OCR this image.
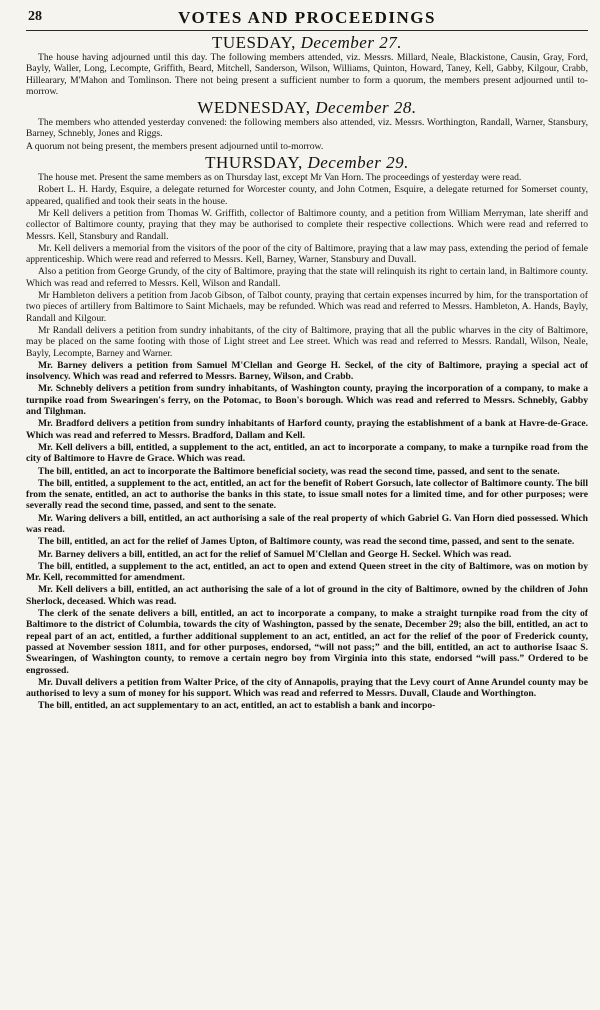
28	VOTES AND PROCEEDINGS
TUESDAY, December 27.

The house having adjourned until this day. The following members attended, viz. Messrs. Millard, Neale, Blackistone, Causin, Gray, Ford, Bayly, Waller, Long, Lecompte, Griffith, Beard, Mitchell, Sanderson, Wilson, Williams, Quinton, Howard, Taney, Kell, Gabby, Kilgour, Crabb, Hillearary, M'Mahon and Tomlinson. There not being present a sufficient number to form a quorum, the members present adjourned until to-morrow.

WEDNESDAY, December 28.

The members who attended yesterday convened: the following members also attended, viz. Messrs. Worthington, Randall, Warner, Stansbury, Barney, Schnebly, Jones and Riggs.

A quorum not being present, the members present adjourned until to-morrow.

THURSDAY, December 29.

The house met. Present the same members as on Thursday last, except Mr Van Horn. The proceedings of yesterday were read.

Robert L. H. Hardy, Esquire, a delegate returned for Worcester county, and John Cotmen, Esquire, a delegate returned for Somerset county, appeared, qualified and took their seats in the house.

Mr Kell delivers a petition from Thomas W. Griffith, collector of Baltimore county, and a petition from William Merryman, late sheriff and collector of Baltimore county, praying that they may be authorised to complete their respective collections. Which were read and referred to Messrs. Kell, Stansbury and Randall.

Mr. Kell delivers a memorial from the visitors of the poor of the city of Baltimore, praying that a law may pass, extending the period of female apprenticeship. Which were read and referred to Messrs. Kell, Barney, Warner, Stansbury and Duvall.

Also a petition from George Grundy, of the city of Baltimore, praying that the state will relinquish its right to certain land, in Baltimore county. Which was read and referred to Messrs. Kell, Wilson and Randall.

Mr Hambleton delivers a petition from Jacob Gibson, of Talbot county, praying that certain expenses incurred by him, for the transportation of two pieces of artillery from Baltimore to Saint Michaels, may be refunded. Which was read and referred to Messrs. Hambleton, A. Hands, Bayly, Randall and Kilgour.

Mr Randall delivers a petition from sundry inhabitants, of the city of Baltimore, praying that all the public wharves in the city of Baltimore, may be placed on the same footing with those of Light street and Lee street. Which was read and referred to Messrs. Randall, Wilson, Neale, Bayly, Lecompte, Barney and Warner.

Mr. Barney delivers a petition from Samuel M'Clellan and George H. Seckel, of the city of Baltimore, praying a special act of insolvency. Which was read and referred to Messrs. Barney, Wilson, and Crabb.

Mr. Schnebly delivers a petition from sundry inhabitants, of Washington county, praying the incorporation of a company, to make a turnpike road from Swearingen's ferry, on the Potomac, to Boon's borough. Which was read and referred to Messrs. Schnebly, Gabby and Tilghman.

Mr. Bradford delivers a petition from sundry inhabitants of Harford county, praying the establishment of a bank at Havre-de-Grace. Which was read and referred to Messrs. Bradford, Dallam and Kell.

Mr. Kell delivers a bill, entitled, a supplement to the act, entitled, an act to incorporate a company, to make a turnpike road from the city of Baltimore to Havre de Grace. Which was read.

The bill, entitled, an act to incorporate the Baltimore beneficial society, was read the second time, passed, and sent to the senate.

The bill, entitled, a supplement to the act, entitled, an act for the benefit of Robert Gorsuch, late collector of Baltimore county. The bill from the senate, entitled, an act to authorise the banks in this state, to issue small notes for a limited time, and for other purposes; were severally read the second time, passed, and sent to the senate.

Mr. Waring delivers a bill, entitled, an act authorising a sale of the real property of which Gabriel G. Van Horn died possessed. Which was read.

The bill, entitled, an act for the relief of James Upton, of Baltimore county, was read the second time, passed, and sent to the senate.

Mr. Barney delivers a bill, entitled, an act for the relief of Samuel M'Clellan and George H. Seckel. Which was read.

The bill, entitled, a supplement to the act, entitled, an act to open and extend Queen street in the city of Baltimore, was on motion by Mr. Kell, recommitted for amendment.

Mr. Kell delivers a bill, entitled, an act authorising the sale of a lot of ground in the city of Baltimore, owned by the children of John Sherlock, deceased. Which was read.

The clerk of the senate delivers a bill, entitled, an act to incorporate a company, to make a straight turnpike road from the city of Baltimore to the district of Columbia, towards the city of Washington, passed by the senate, December 29; also the bill, entitled, an act to repeal part of an act, entitled, a further additional supplement to an act, entitled, an act for the relief of the poor of Frederick county, passed at November session 1811, and for other purposes, endorsed, “will not pass;” and the bill, entitled, an act to authorise Isaac S. Swearingen, of Washington county, to remove a certain negro boy from Virginia into this state, endorsed “will pass.” Ordered to be engrossed.

Mr. Duvall delivers a petition from Walter Price, of the city of Annapolis, praying that the Levy court of Anne Arundel county may be authorised to levy a sum of money for his support. Which was read and referred to Messrs. Duvall, Claude and Worthington.

The bill, entitled, an act supplementary to an act, entitled, an act to establish a bank and incorpo-
